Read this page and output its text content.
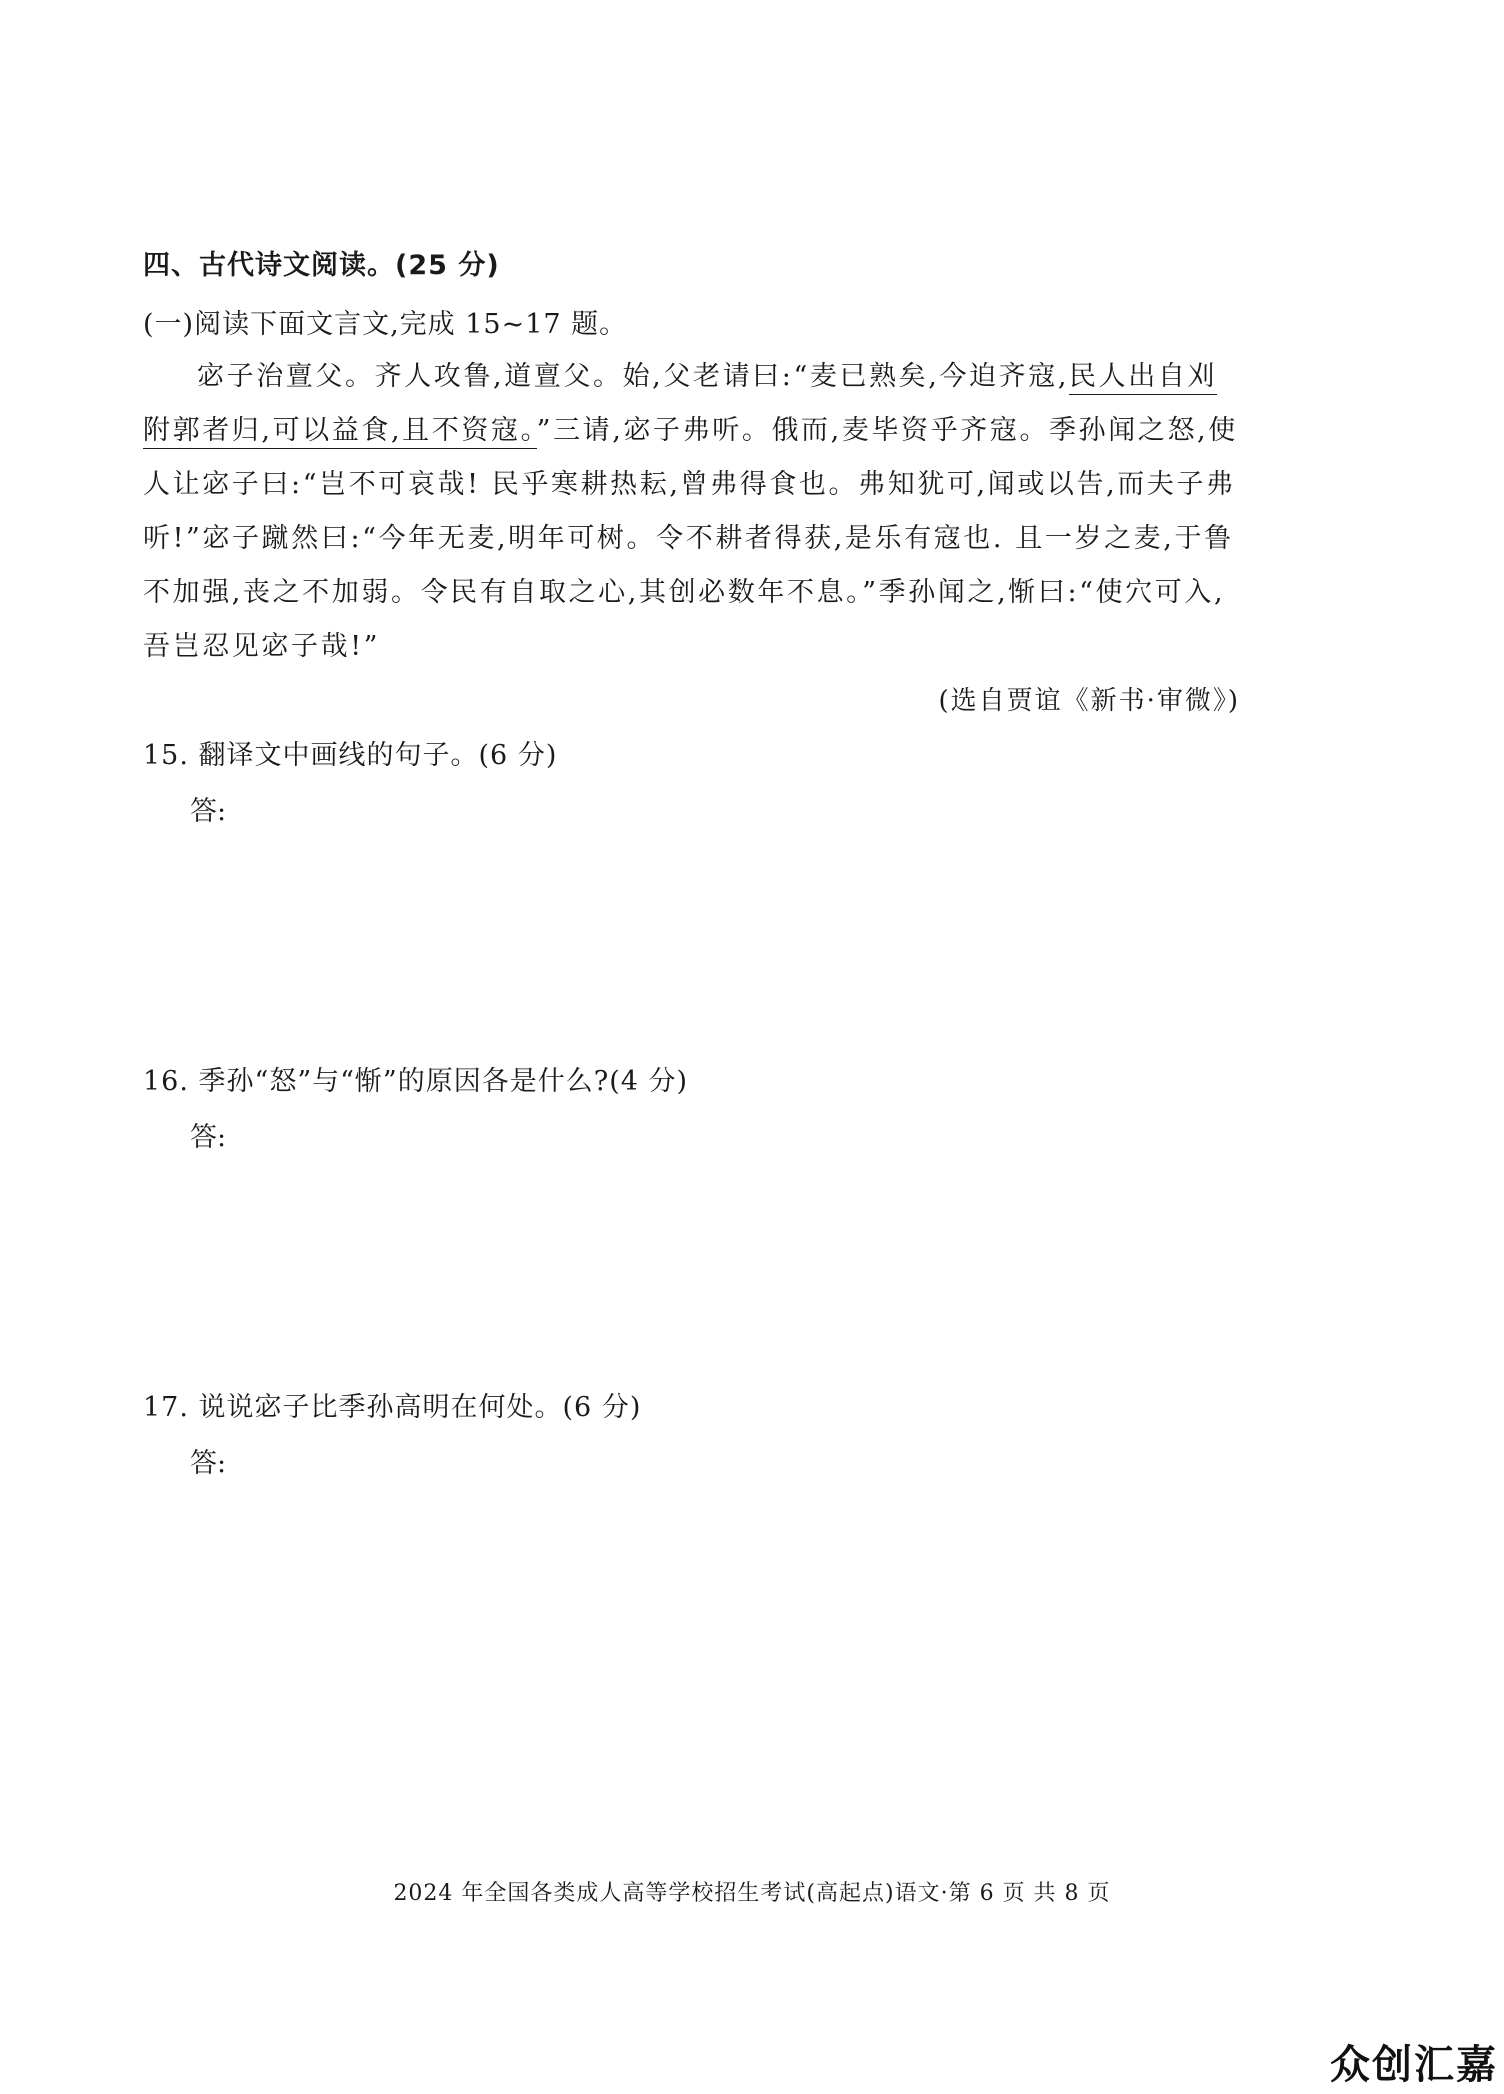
四、古代诗文阅读。(25 分)
(一)阅读下面文言文,完成 15~17 题。
宓子治亶父。齐人攻鲁,道亶父。始,父老请曰:“麦已熟矣,今迫齐寇,民人出自刈
附郭者归,可以益食,且不资寇。”三请,宓子弗听。俄而,麦毕资乎齐寇。季孙闻之怒,使
人让宓子曰:“岂不可哀哉! 民乎寒耕热耘,曾弗得食也。弗知犹可,闻或以告,而夫子弗
听!”宓子蹴然曰:“今年无麦,明年可树。令不耕者得获,是乐有寇也. 且一岁之麦,于鲁
不加强,丧之不加弱。令民有自取之心,其创必数年不息。”季孙闻之,惭曰:“使穴可入,
吾岂忍见宓子哉!”
(选自贾谊《新书·审微》)
15. 翻译文中画线的句子。(6 分)
答:
16. 季孙“怒”与“惭”的原因各是什么?(4 分)
答:
17. 说说宓子比季孙高明在何处。(6 分)
答:
2024 年全国各类成人高等学校招生考试(高起点)语文·第 6 页 共 8 页
众创汇嘉
